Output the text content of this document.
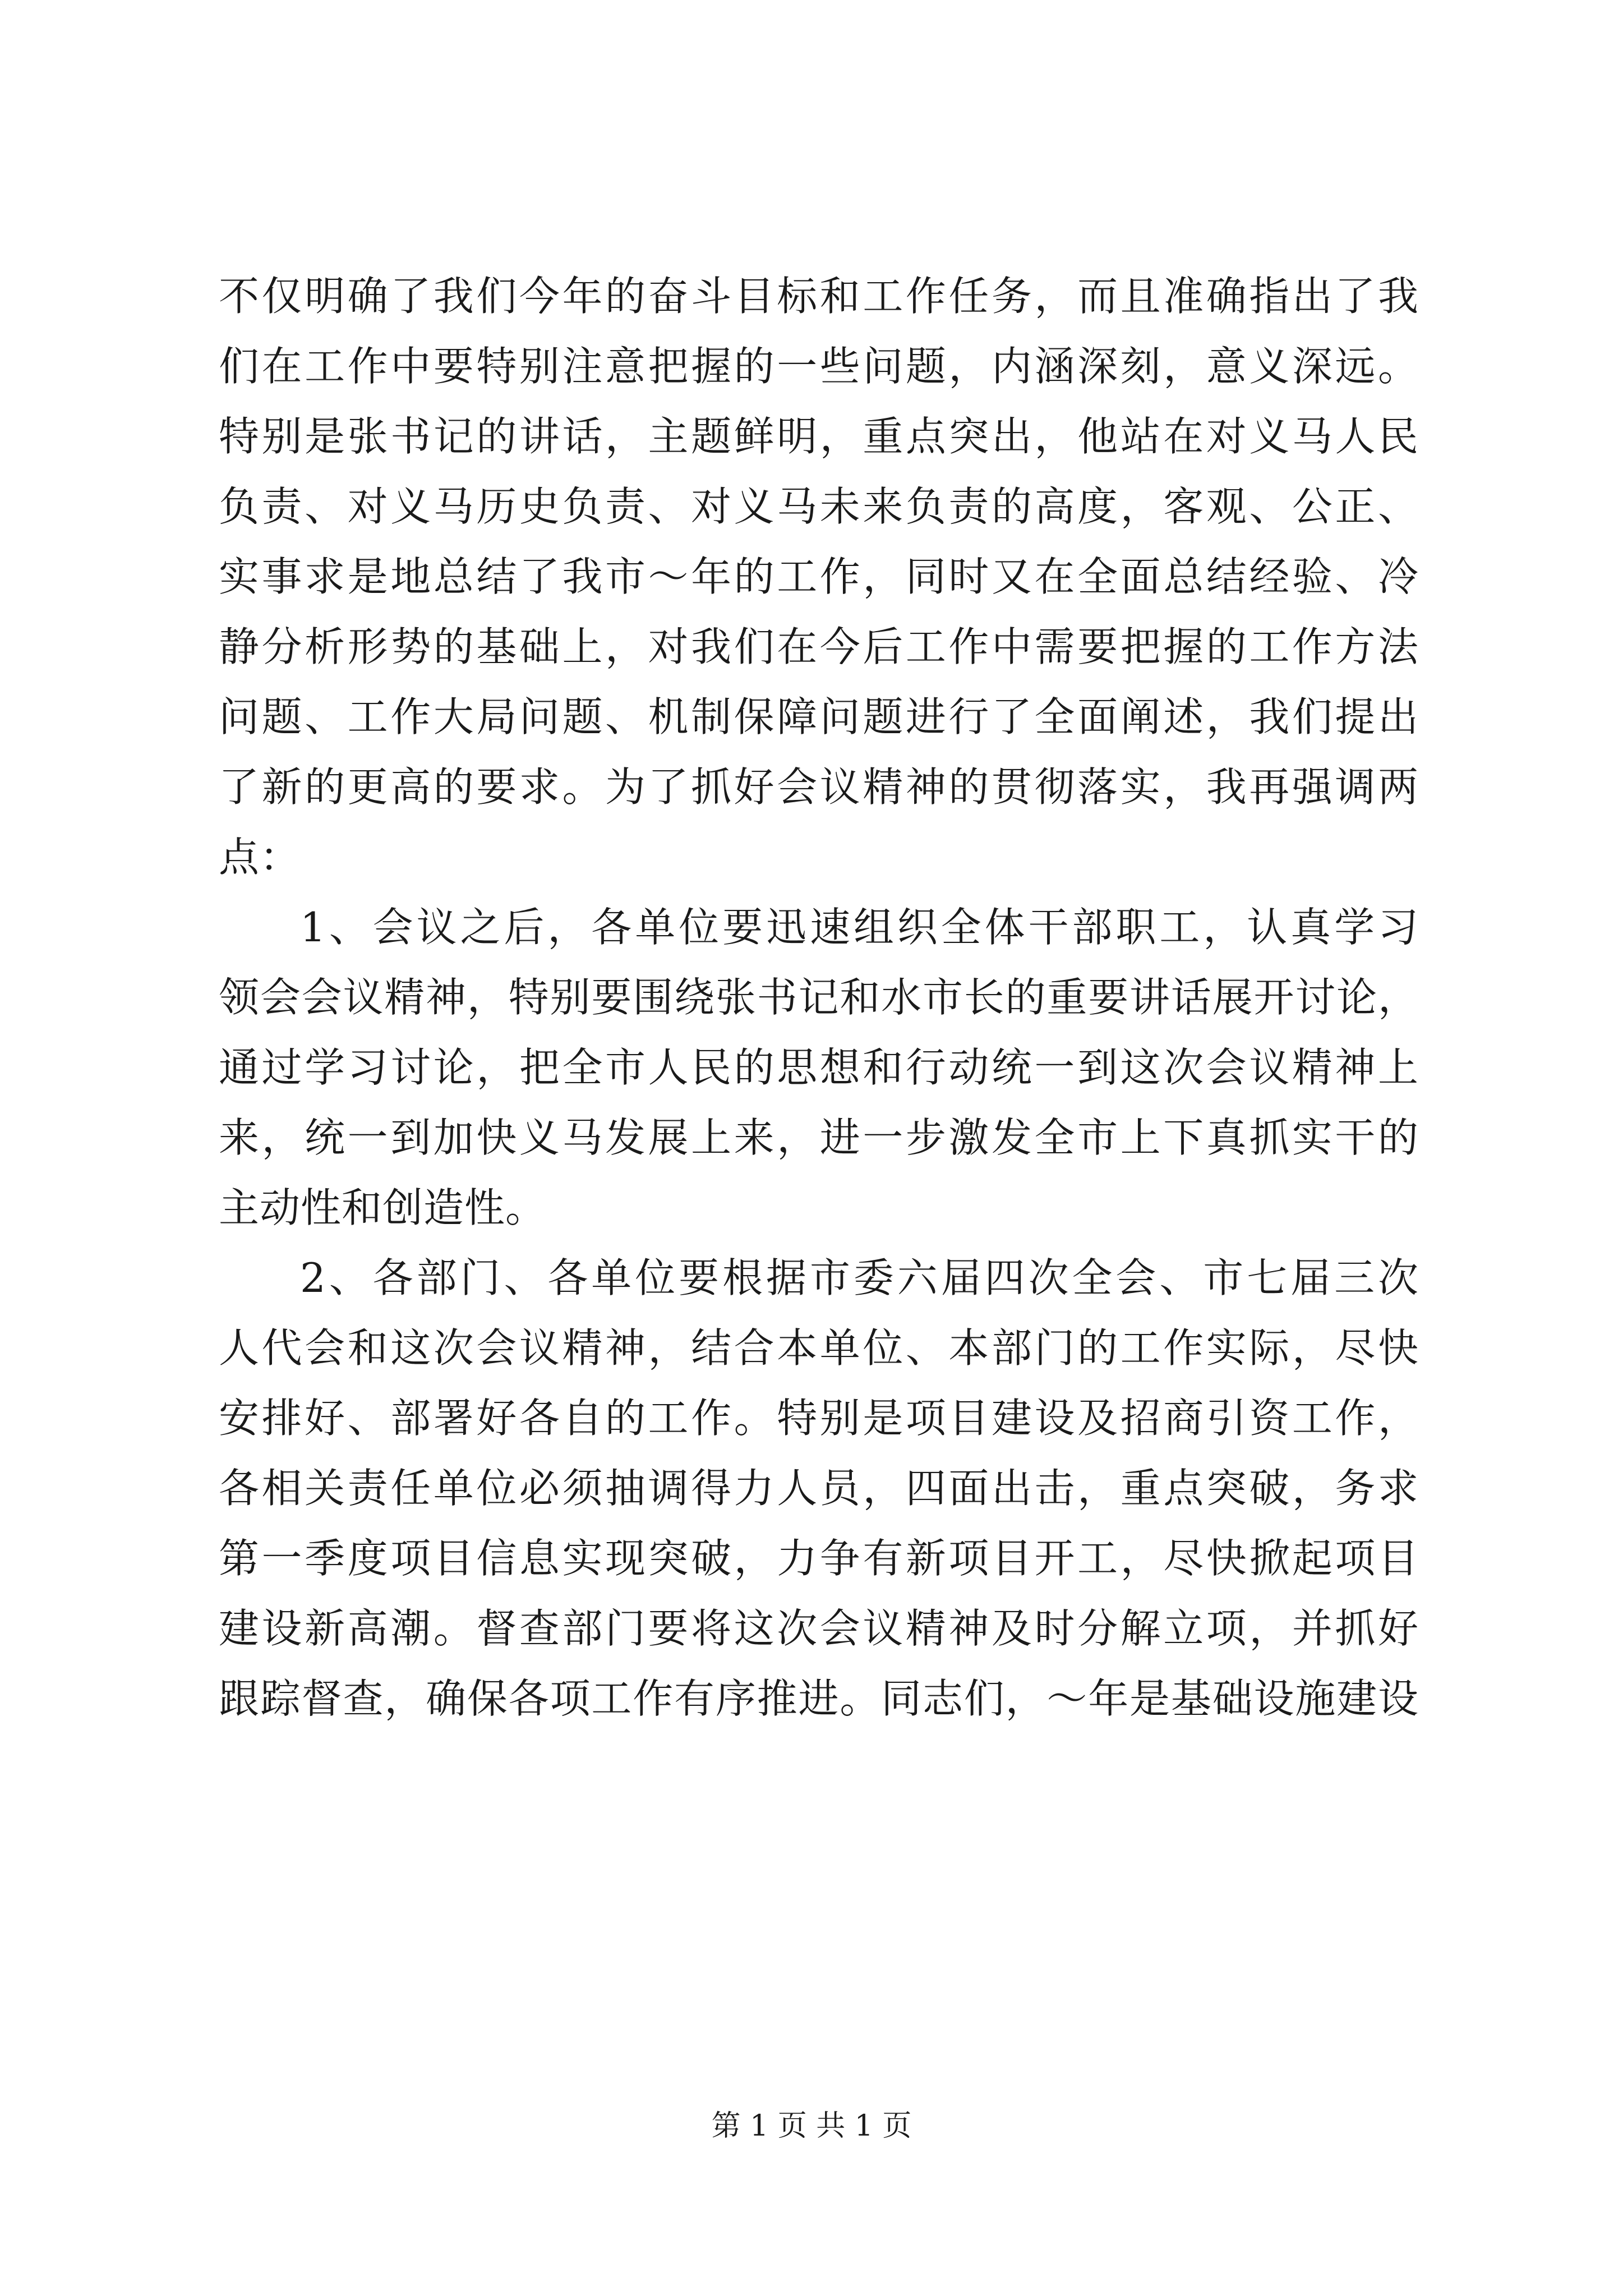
不仅明确了我们今年的奋斗目标和工作任务，而且准确指出了我
们在工作中要特别注意把握的一些问题，内涵深刻，意义深远。
特别是张书记的讲话，主题鲜明，重点突出，他站在对义马人民
负责、对义马历史负责、对义马未来负责的高度，客观、公正、
实事求是地总结了我市～年的工作，同时又在全面总结经验、冷
静分析形势的基础上，对我们在今后工作中需要把握的工作方法
问题、工作大局问题、机制保障问题进行了全面阐述，我们提出
了新的更高的要求。为了抓好会议精神的贯彻落实，我再强调两
点：
1、会议之后，各单位要迅速组织全体干部职工，认真学习
领会会议精神，特别要围绕张书记和水市长的重要讲话展开讨论，
通过学习讨论，把全市人民的思想和行动统一到这次会议精神上
来，统一到加快义马发展上来，进一步激发全市上下真抓实干的
主动性和创造性。
2、各部门、各单位要根据市委六届四次全会、市七届三次
人代会和这次会议精神，结合本单位、本部门的工作实际，尽快
安排好、部署好各自的工作。特别是项目建设及招商引资工作，
各相关责任单位必须抽调得力人员，四面出击，重点突破，务求
第一季度项目信息实现突破，力争有新项目开工，尽快掀起项目
建设新高潮。督查部门要将这次会议精神及时分解立项，并抓好
跟踪督查，确保各项工作有序推进。同志们，～年是基础设施建设
第 1 页 共 1 页
